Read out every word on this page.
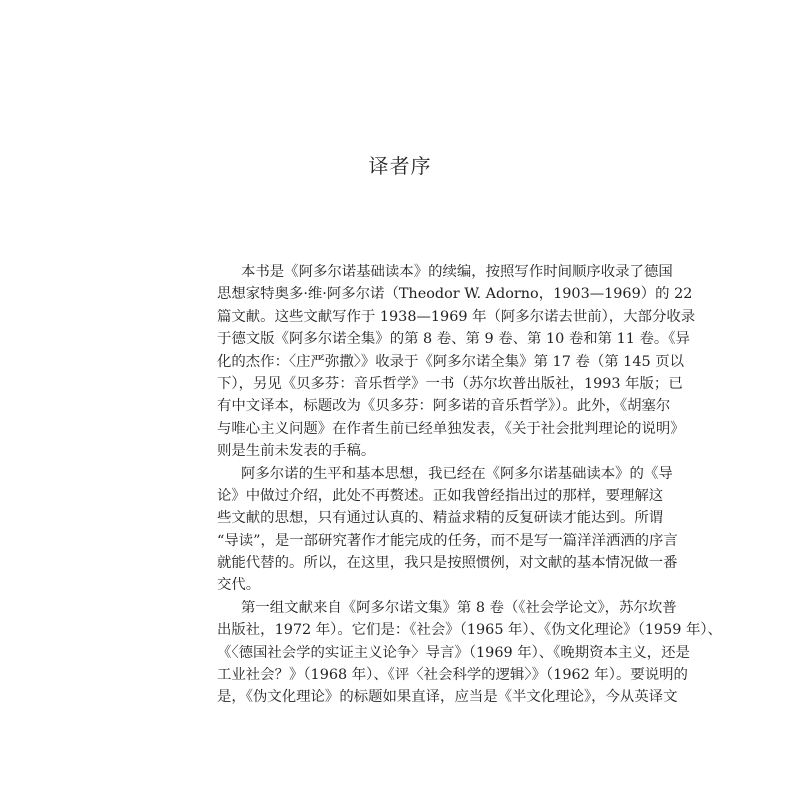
译者序
本书是《阿多尔诺基础读本》的续编，按照写作时间顺序收录了德国
思想家特奥多·维·阿多尔诺（Theodor W. Adorno，1903—1969）的 22
篇文献。这些文献写作于 1938—1969 年（阿多尔诺去世前），大部分收录
于德文版《阿多尔诺全集》的第 8 卷、第 9 卷、第 10 卷和第 11 卷。《异
化的杰作：〈庄严弥撒〉》收录于《阿多尔诺全集》第 17 卷（第 145 页以
下），另见《贝多芬：音乐哲学》一书（苏尔坎普出版社，1993 年版；已
有中文译本，标题改为《贝多芬：阿多诺的音乐哲学》）。此外，《胡塞尔
与唯心主义问题》在作者生前已经单独发表，《关于社会批判理论的说明》
则是生前未发表的手稿。
阿多尔诺的生平和基本思想，我已经在《阿多尔诺基础读本》的《导
论》中做过介绍，此处不再赘述。正如我曾经指出过的那样，要理解这
些文献的思想，只有通过认真的、精益求精的反复研读才能达到。所谓
“导读”，是一部研究著作才能完成的任务，而不是写一篇洋洋洒洒的序言
就能代替的。所以，在这里，我只是按照惯例，对文献的基本情况做一番
交代。
第一组文献来自《阿多尔诺文集》第 8 卷（《社会学论文》，苏尔坎普
出版社，1972 年）。它们是：《社会》（1965 年）、《伪文化理论》（1959 年）、
《〈德国社会学的实证主义论争〉导言》（1969 年）、《晚期资本主义，还是
工业社会？》（1968 年）、《评〈社会科学的逻辑〉》（1962 年）。要说明的
是，《伪文化理论》的标题如果直译，应当是《半文化理论》，今从英译文
